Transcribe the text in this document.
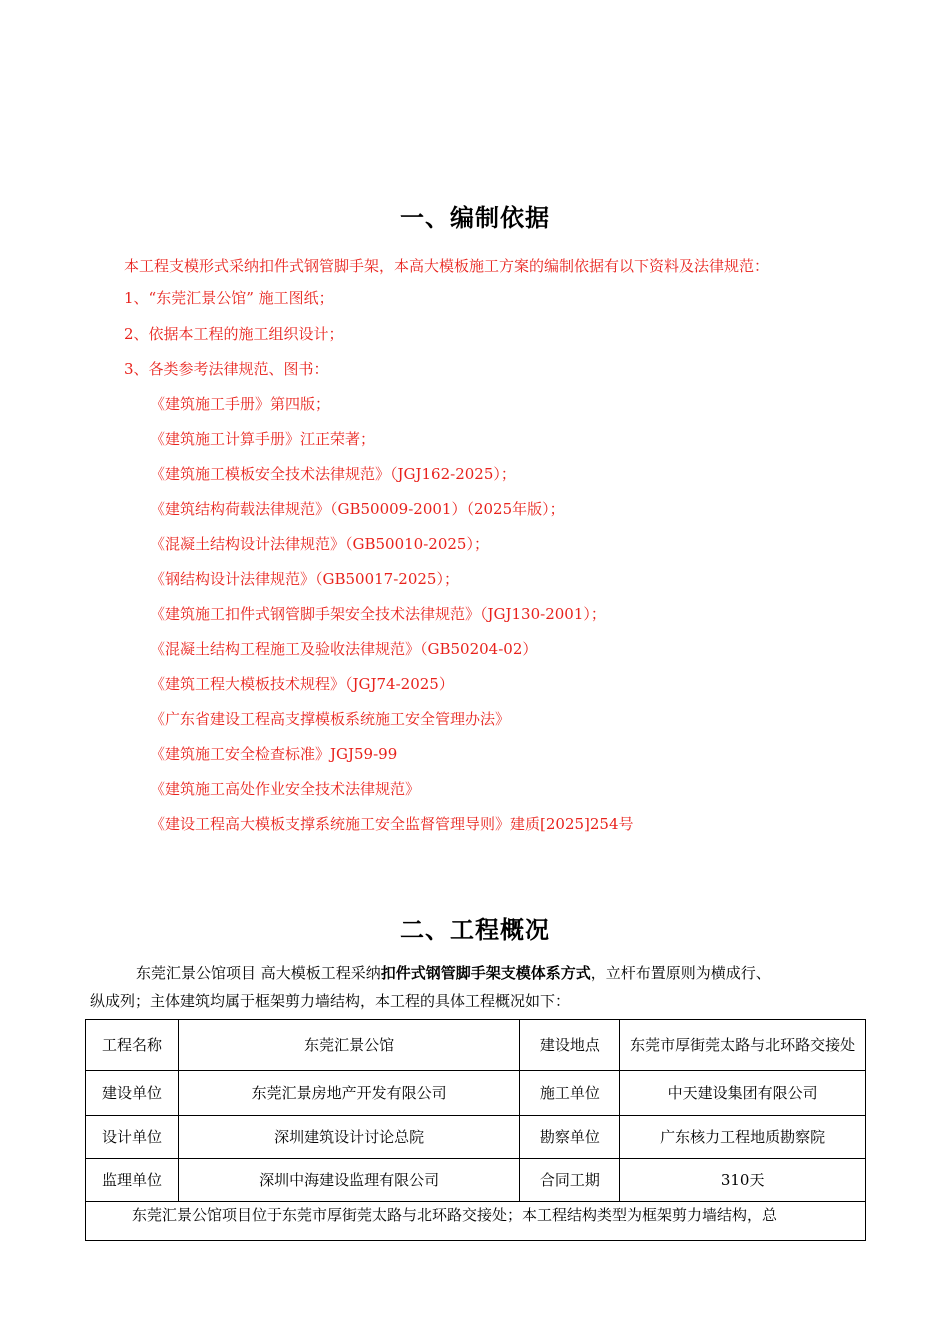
一、编制依据
本工程支模形式采纳扣件式钢管脚手架，本高大模板施工方案的编制依据有以下资料及法律规范：
1、“东莞汇景公馆” 施工图纸；
2、依据本工程的施工组织设计；
3、各类参考法律规范、图书：
《建筑施工手册》第四版；
《建筑施工计算手册》江正荣著；
《建筑施工模板安全技术法律规范》（JGJ162-2025）；
《建筑结构荷载法律规范》（GB50009-2001）（2025年版）；
《混凝土结构设计法律规范》（GB50010-2025）；
《钢结构设计法律规范》（GB50017-2025）；
《建筑施工扣件式钢管脚手架安全技术法律规范》（JGJ130-2001）；
《混凝土结构工程施工及验收法律规范》（GB50204-02）
《建筑工程大模板技术规程》（JGJ74-2025）
《广东省建设工程高支撑模板系统施工安全管理办法》
《建筑施工安全检查标准》JGJ59-99
《建筑施工高处作业安全技术法律规范》
《建设工程高大模板支撑系统施工安全监督管理导则》建质[2025]254号
二、工程概况
东莞汇景公馆项目 高大模板工程采纳扣件式钢管脚手架支模体系方式，立杆布置原则为横成行、
纵成列；主体建筑均属于框架剪力墙结构，本工程的具体工程概况如下：
工程名称	东莞汇景公馆	建设地点	东莞市厚街莞太路与北环路交接处
建设单位	东莞汇景房地产开发有限公司	施工单位	中天建设集团有限公司
设计单位	深圳建筑设计讨论总院	勘察单位	广东核力工程地质勘察院
监理单位	深圳中海建设监理有限公司	合同工期	310天
东莞汇景公馆项目位于东莞市厚街莞太路与北环路交接处；本工程结构类型为框架剪力墙结构，总			
